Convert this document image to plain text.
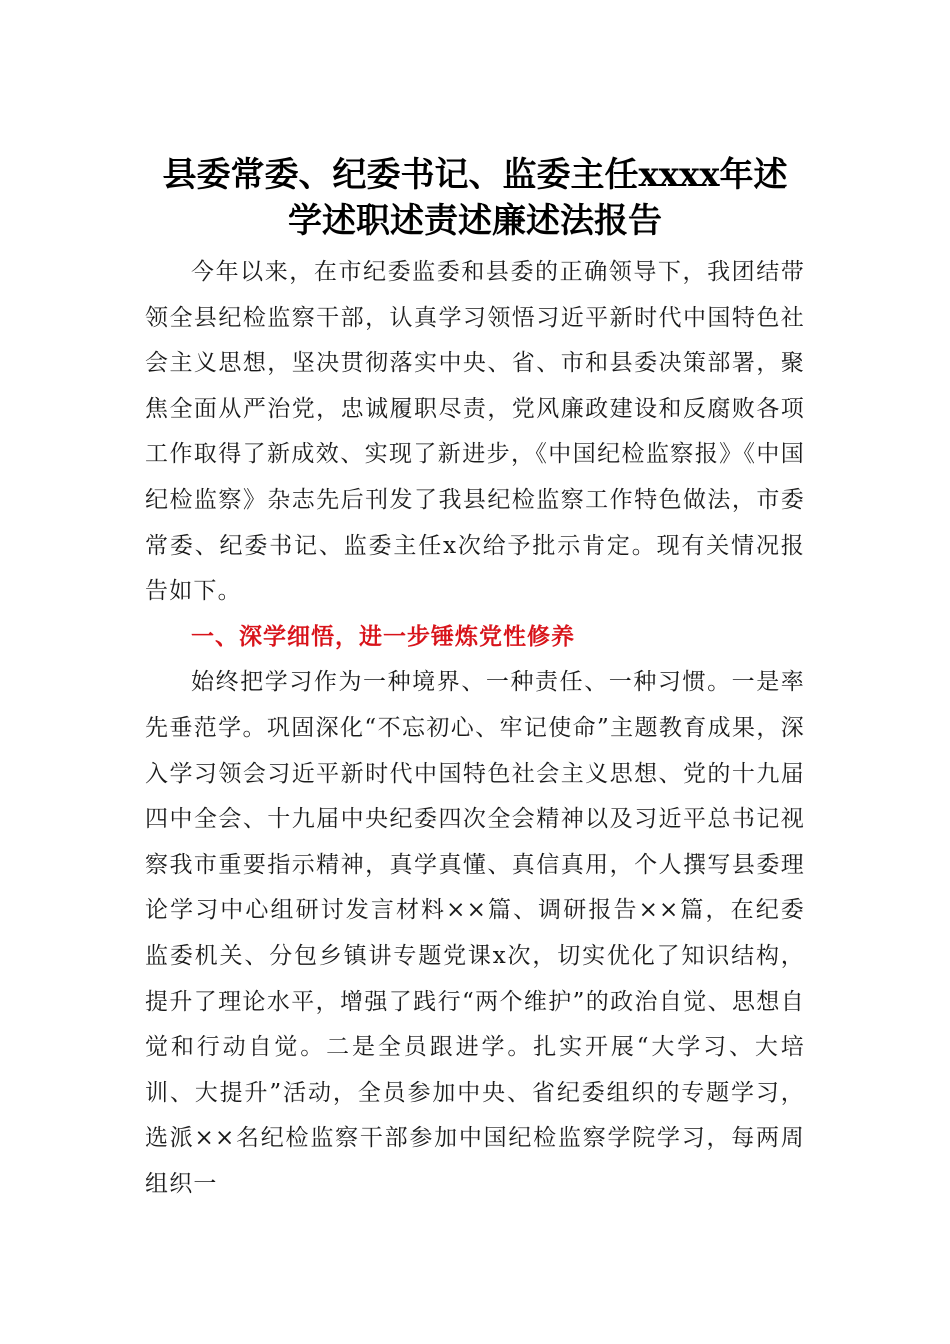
县委常委、纪委书记、监委主任xxxx年述
学述职述责述廉述法报告

今年以来，在市纪委监委和县委的正确领导下，我团结带领全县纪检监察干部，认真学习领悟习近平新时代中国特色社会主义思想，坚决贯彻落实中央、省、市和县委决策部署，聚焦全面从严治党，忠诚履职尽责，党风廉政建设和反腐败各项工作取得了新成效、实现了新进步，《中国纪检监察报》《中国纪检监察》杂志先后刊发了我县纪检监察工作特色做法，市委常委、纪委书记、监委主任x次给予批示肯定。现有关情况报告如下。

一、深学细悟，进一步锤炼党性修养

始终把学习作为一种境界、一种责任、一种习惯。一是率先垂范学。巩固深化“不忘初心、牢记使命”主题教育成果，深入学习领会习近平新时代中国特色社会主义思想、党的十九届四中全会、十九届中央纪委四次全会精神以及习近平总书记视察我市重要指示精神，真学真懂、真信真用，个人撰写县委理论学习中心组研讨发言材料××篇、调研报告××篇，在纪委监委机关、分包乡镇讲专题党课x次，切实优化了知识结构，提升了理论水平，增强了践行“两个维护”的政治自觉、思想自觉和行动自觉。二是全员跟进学。扎实开展“大学习、大培训、大提升”活动，全员参加中央、省纪委组织的专题学习，选派××名纪检监察干部参加中国纪检监察学院学习，每两周组织一
